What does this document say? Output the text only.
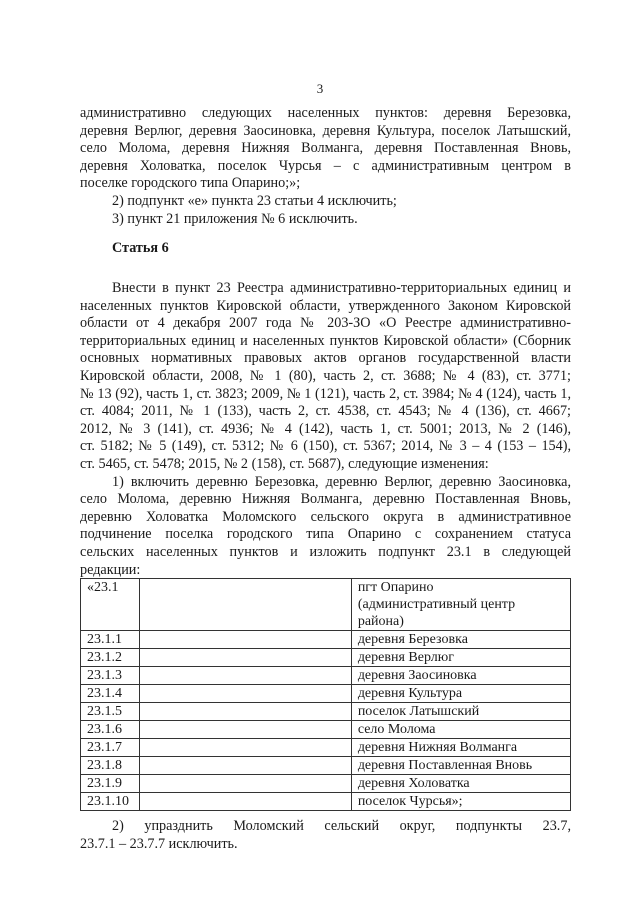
3
административно следующих населенных пунктов: деревня Березовка,
деревня Верлюг, деревня Заосиновка, деревня Культура, поселок Латышский,
село Молома, деревня Нижняя Волманга, деревня Поставленная Вновь,
деревня Холоватка, поселок Чурсья – с административным центром в
поселке городского типа Опарино;»;
2) подпункт «е» пункта 23 статьи 4 исключить;
3) пункт 21 приложения № 6 исключить.
Статья 6
Внести в пункт 23 Реестра административно-территориальных единиц и
населенных пунктов Кировской области, утвержденного Законом Кировской
области от 4 декабря 2007 года № 203-ЗО «О Реестре административно-
территориальных единиц и населенных пунктов Кировской области» (Сборник
основных нормативных правовых актов органов государственной власти
Кировской области, 2008, № 1 (80), часть 2, ст. 3688; № 4 (83), ст. 3771;
№ 13 (92), часть 1, ст. 3823; 2009, № 1 (121), часть 2, ст. 3984; № 4 (124), часть 1,
ст. 4084; 2011, № 1 (133), часть 2, ст. 4538, ст. 4543; № 4 (136), ст. 4667;
2012, № 3 (141), ст. 4936; № 4 (142), часть 1, ст. 5001; 2013, № 2 (146),
ст. 5182; № 5 (149), ст. 5312; № 6 (150), ст. 5367; 2014, № 3 – 4 (153 – 154),
ст. 5465, ст. 5478; 2015, № 2 (158), ст. 5687), следующие изменения:
1) включить деревню Березовка, деревню Верлюг, деревню Заосиновка,
село Молома, деревню Нижняя Волманга, деревню Поставленная Вновь,
деревню Холоватка Моломского сельского округа в административное
подчинение поселка городского типа Опарино с сохранением статуса
сельских населенных пунктов и изложить подпункт 23.1 в следующей
редакции:
«23.1		пгт Опарино
(административный центр
района)

23.1.1		деревня Березовка
23.1.2		деревня Верлюг
23.1.3		деревня Заосиновка
23.1.4		деревня Культура
23.1.5		поселок Латышский
23.1.6		село Молома
23.1.7		деревня Нижняя Волманга
23.1.8		деревня Поставленная Вновь
23.1.9		деревня Холоватка
23.1.10		поселок Чурсья»;
2) упразднить Моломский сельский округ, подпункты 23.7,
23.7.1 – 23.7.7 исключить.
